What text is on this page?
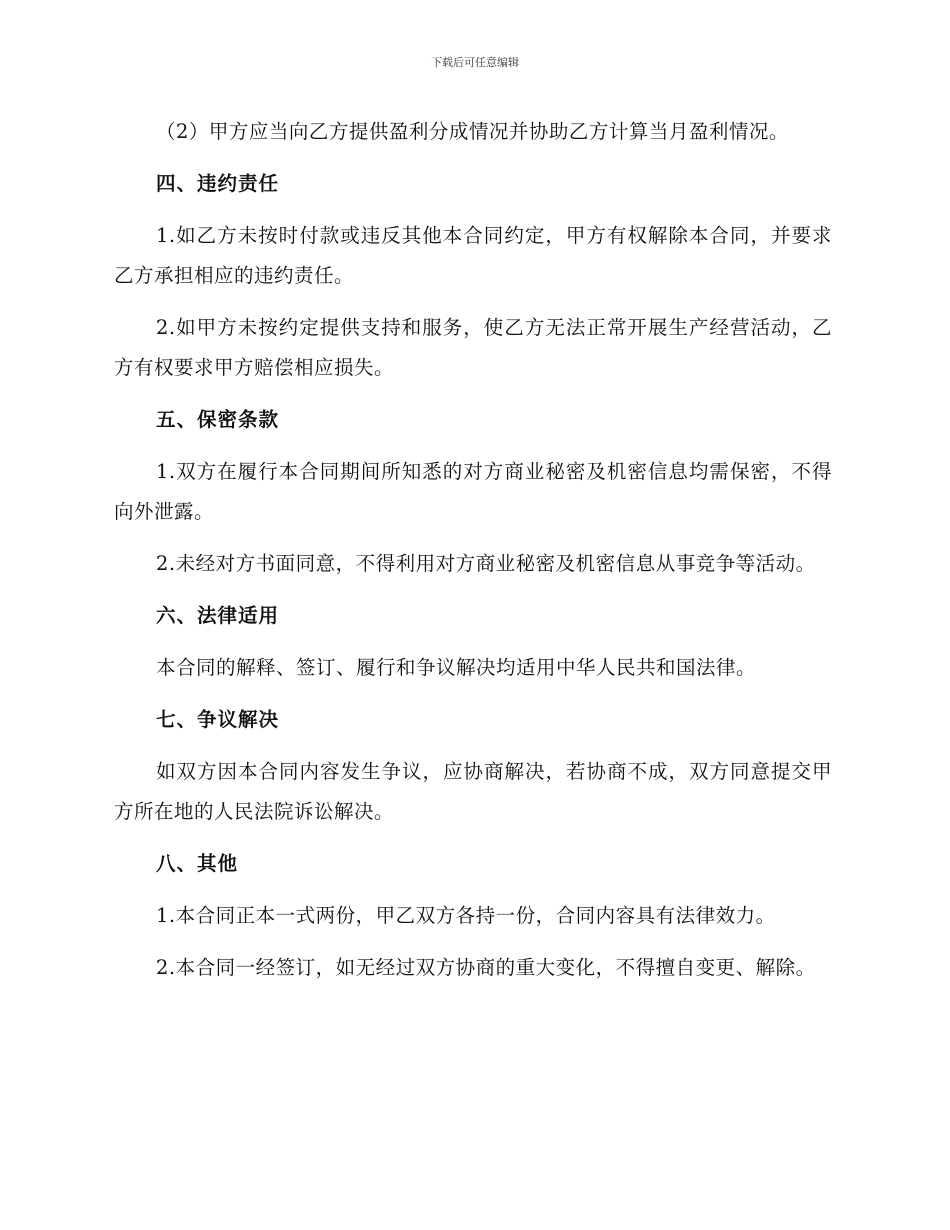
下载后可任意编辑

（2）甲方应当向乙方提供盈利分成情况并协助乙方计算当月盈利情况。

四、违约责任

1.如乙方未按时付款或违反其他本合同约定，甲方有权解除本合同，并要求乙方承担相应的违约责任。

2.如甲方未按约定提供支持和服务，使乙方无法正常开展生产经营活动，乙方有权要求甲方赔偿相应损失。

五、保密条款

1.双方在履行本合同期间所知悉的对方商业秘密及机密信息均需保密，不得向外泄露。

2.未经对方书面同意，不得利用对方商业秘密及机密信息从事竞争等活动。

六、法律适用

本合同的解释、签订、履行和争议解决均适用中华人民共和国法律。

七、争议解决

如双方因本合同内容发生争议，应协商解决，若协商不成，双方同意提交甲方所在地的人民法院诉讼解决。

八、其他

1.本合同正本一式两份，甲乙双方各持一份，合同内容具有法律效力。

2.本合同一经签订，如无经过双方协商的重大变化，不得擅自变更、解除。
